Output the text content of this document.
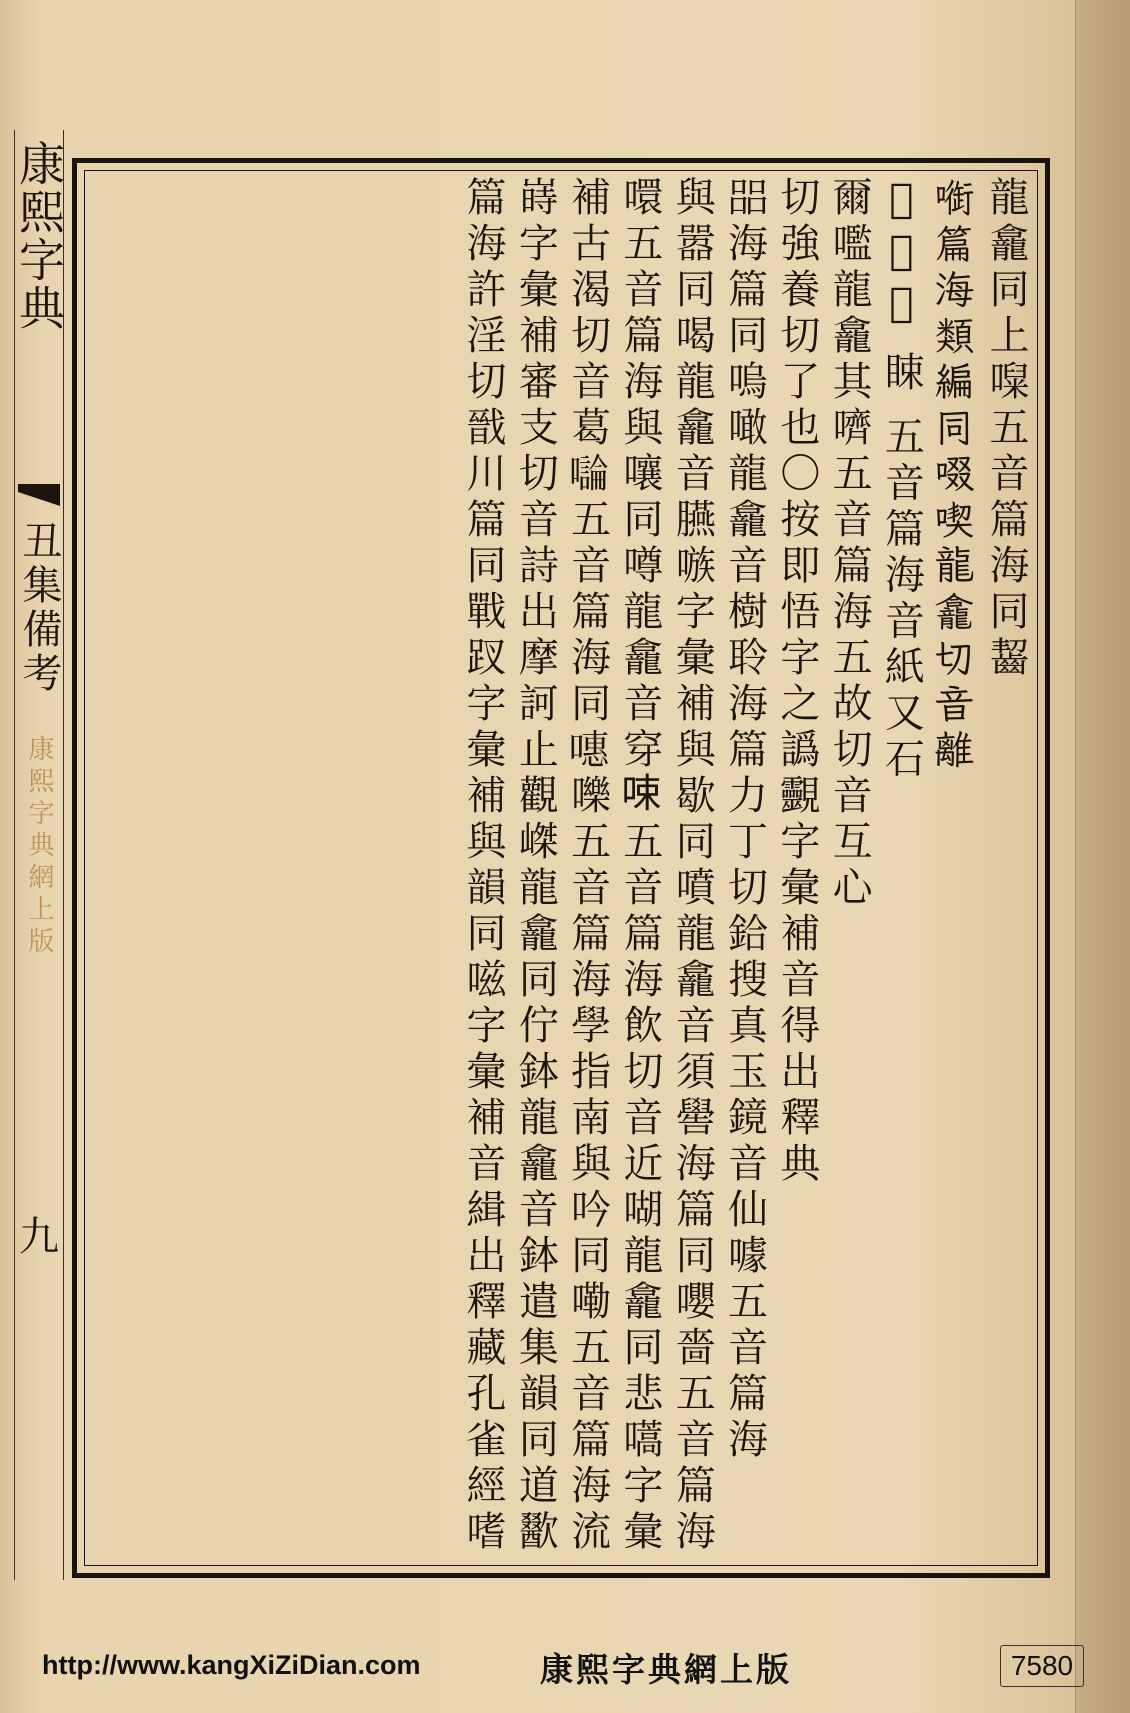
康熙字典
丑集備考
康熙字典網上版
九
龍龕同上㘀五音篇海同齧
𠾑篇海類編同啜喫龍龕切音離
𡄜力夷 䀳 五音篇海音紙又石
爾嚂龍龕其嚌五音篇海五故切音互心
切強養切了也〇按即悟字之譌䚖字彙補音得出釋典
㗊海篇同嗚噉龍龕音樹聆海篇力丁切鉿搜真玉鏡音仙噱五音篇海
與嚣同喝龍龕音臙嗾字彙補與歇同噴龍龕音須嚳海篇同嚶嗇五音篇海
噮五音篇海與嚷同噂龍龕音穿𠲿五音篇海飲切音近㗅龍龕同悲嚆字彙
補古渴切音葛𡃝五音篇海同𠽡嚛五音篇海學指南與吟同嘞五音篇海流
嵵字彙補審支切音詩出摩訶止觀嵥龍龕同佇鉢龍龕音鉢遣集韻同道歠
篇海許淫切戩川篇同戰䟕字彙補與韻同嗞字彙補音緝出釋藏孔雀經嗜
http://www.kangXiZiDian.com	康熙字典網上版	7580
